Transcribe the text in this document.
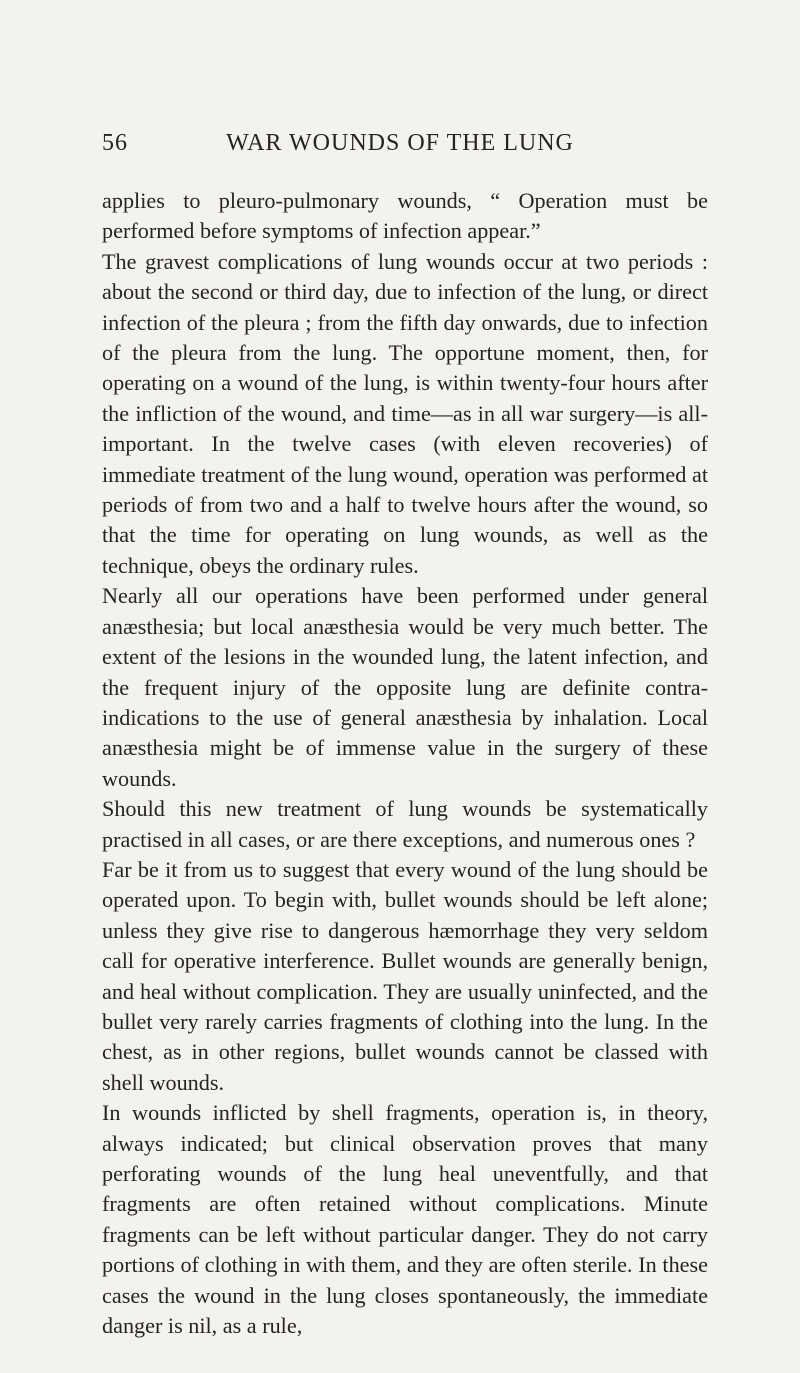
56	WAR WOUNDS OF THE LUNG

applies to pleuro-pulmonary wounds, “ Operation must be performed before symptoms of infection appear.”

The gravest complications of lung wounds occur at two periods : about the second or third day, due to infection of the lung, or direct infection of the pleura ; from the fifth day onwards, due to infection of the pleura from the lung. The opportune moment, then, for operating on a wound of the lung, is within twenty-four hours after the infliction of the wound, and time—as in all war surgery—is all-important. In the twelve cases (with eleven recoveries) of immediate treatment of the lung wound, operation was performed at periods of from two and a half to twelve hours after the wound, so that the time for operating on lung wounds, as well as the technique, obeys the ordinary rules.

Nearly all our operations have been performed under general anæsthesia; but local anæsthesia would be very much better. The extent of the lesions in the wounded lung, the latent infection, and the frequent injury of the opposite lung are definite contra-indications to the use of general anæsthesia by inhalation. Local anæsthesia might be of immense value in the surgery of these wounds.

Should this new treatment of lung wounds be systematically practised in all cases, or are there exceptions, and numerous ones ?

Far be it from us to suggest that every wound of the lung should be operated upon. To begin with, bullet wounds should be left alone; unless they give rise to dangerous hæmorrhage they very seldom call for operative interference. Bullet wounds are generally benign, and heal without complication. They are usually uninfected, and the bullet very rarely carries fragments of clothing into the lung. In the chest, as in other regions, bullet wounds cannot be classed with shell wounds.

In wounds inflicted by shell fragments, operation is, in theory, always indicated; but clinical observation proves that many perforating wounds of the lung heal uneventfully, and that fragments are often retained without complications. Minute fragments can be left without particular danger. They do not carry portions of clothing in with them, and they are often sterile. In these cases the wound in the lung closes spontaneously, the immediate danger is nil, as a rule,
